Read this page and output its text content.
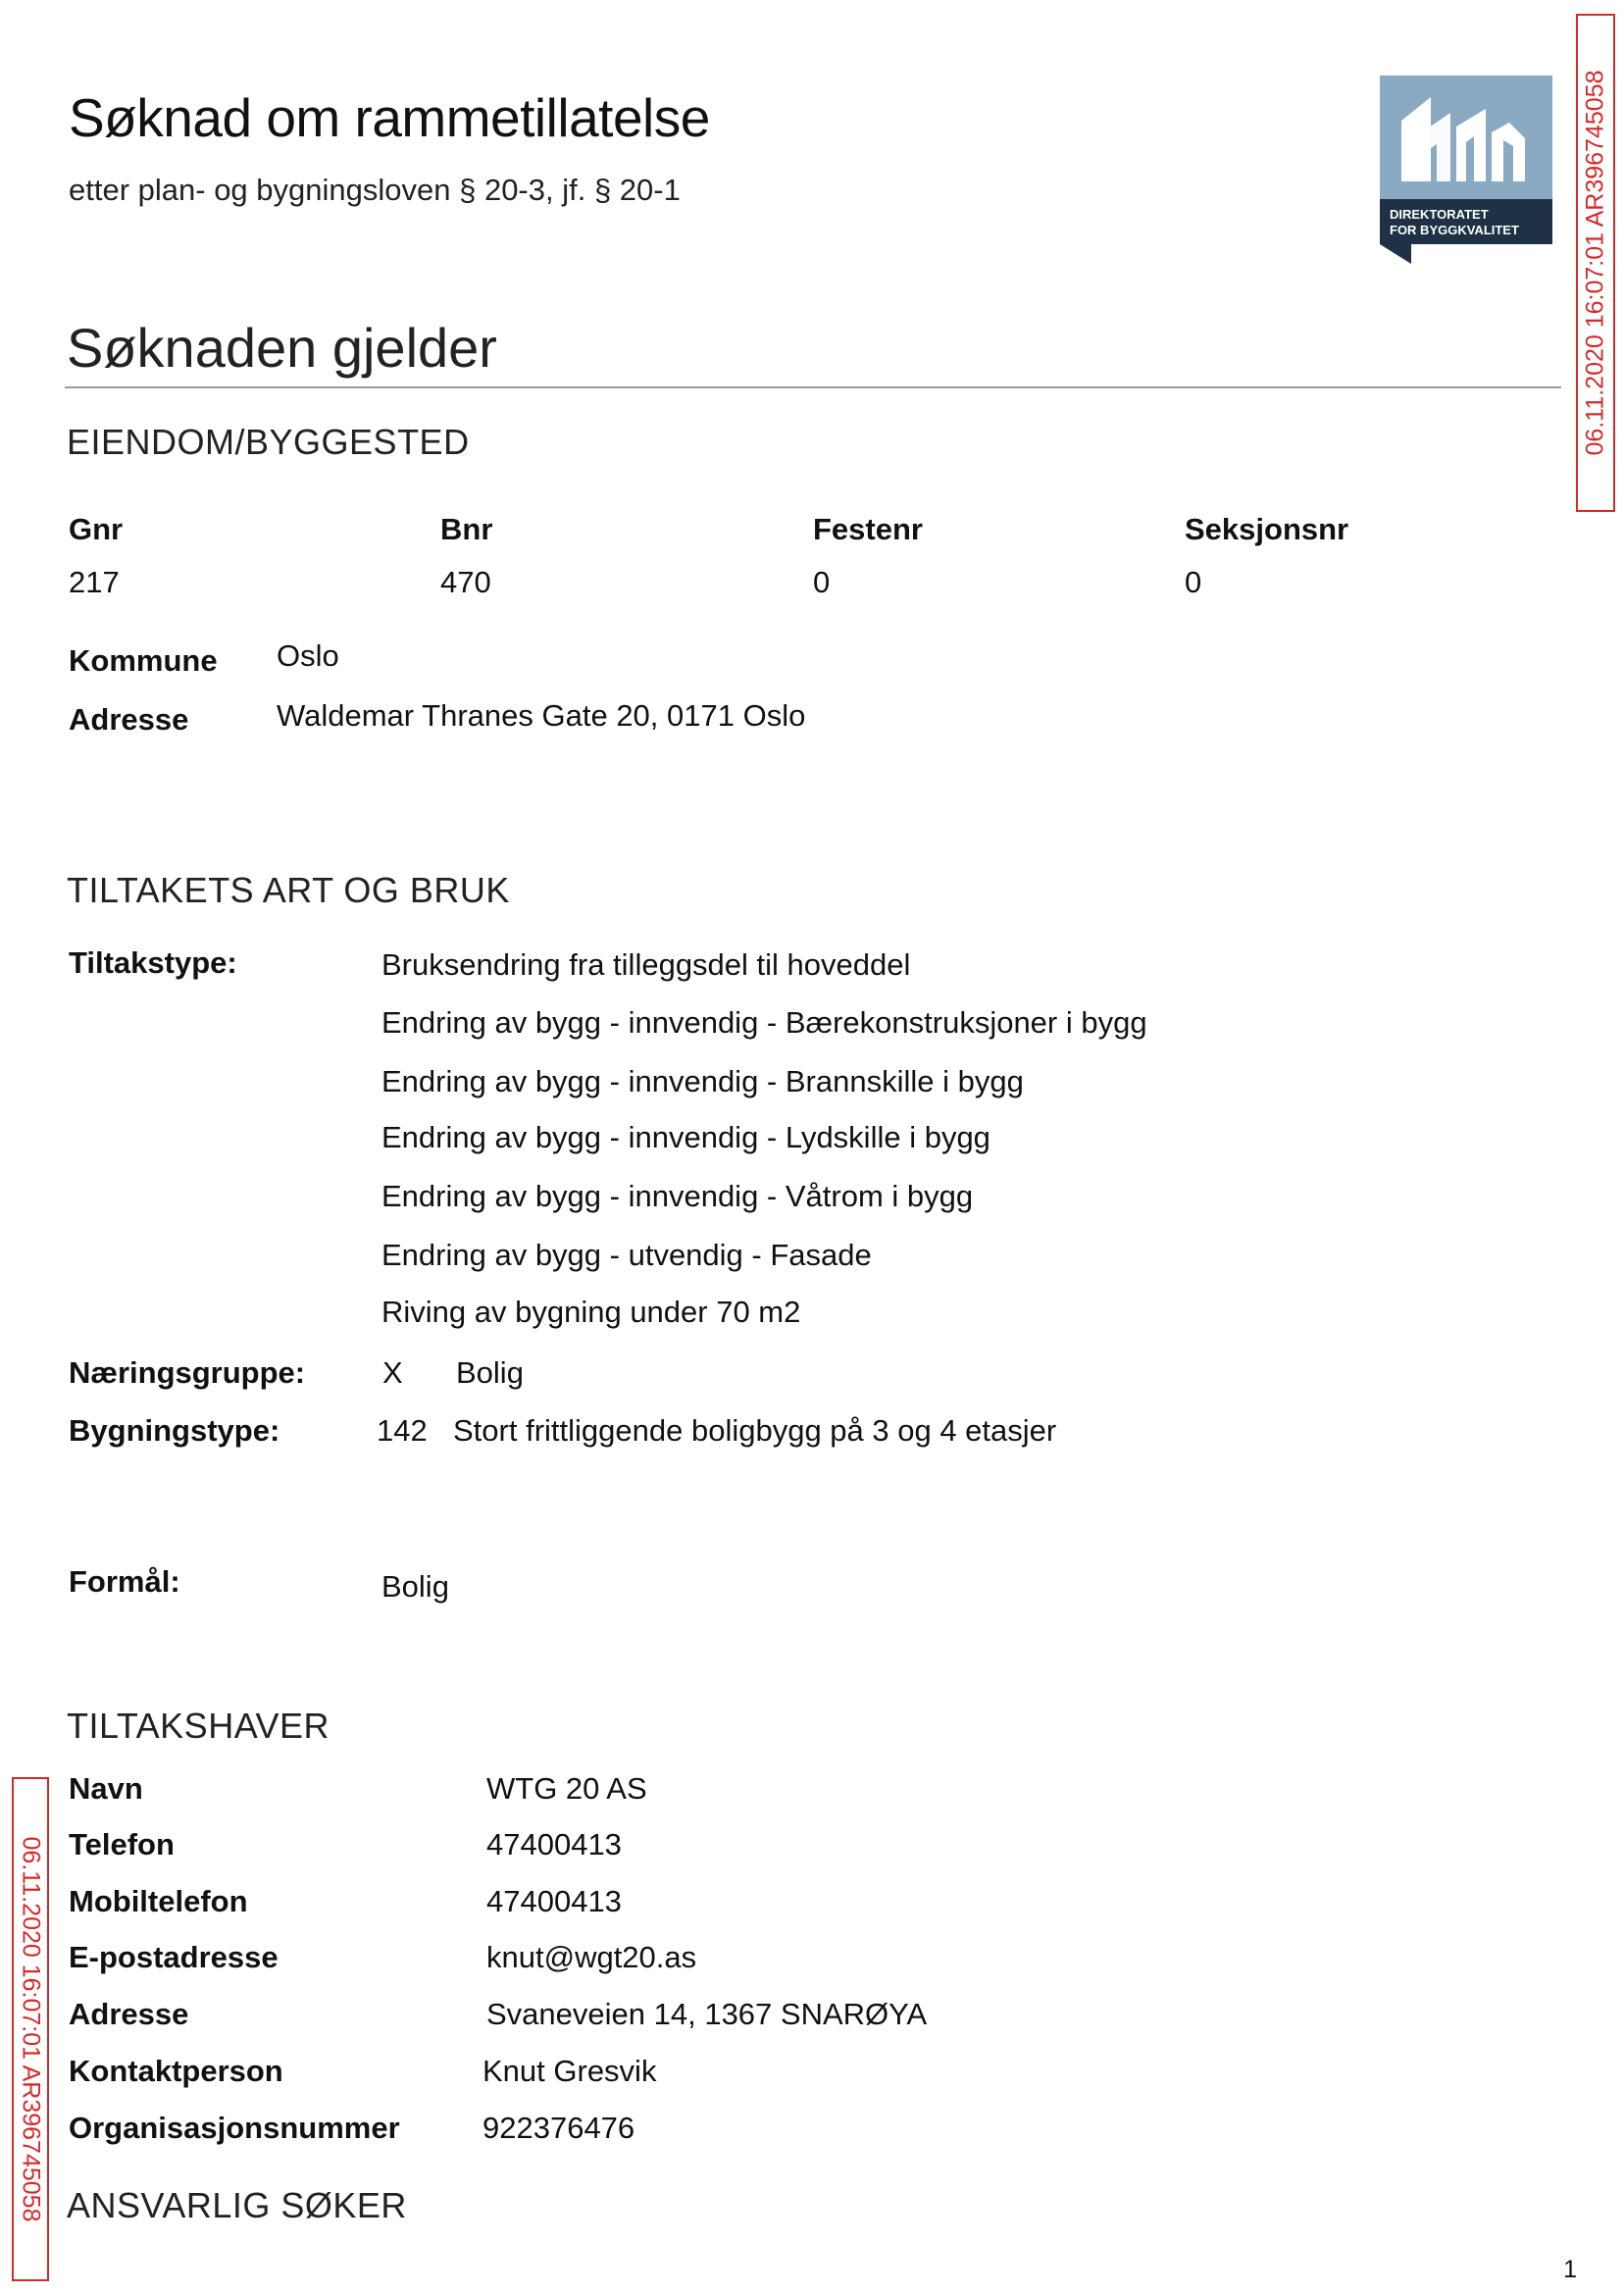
Søknad om rammetillatelse
etter plan- og bygningsloven § 20-3, jf. § 20-1
DIREKTORATET
FOR BYGGKVALITET	06.11.2020 16:07:01 AR396745058
06.11.2020 16:07:01 AR396745058
Søknaden gjelder
EIENDOM/BYGGESTED
Gnr	Bnr	Festenr	Seksjonsnr
217	470	0	0
Kommune Oslo
Adresse	Waldemar Thranes Gate 20, 0171 Oslo
TILTAKETS ART OG BRUK
Tiltakstype:	Bruksendring fra tilleggsdel til hoveddel
Endring av bygg - innvendig - Bærekonstruksjoner i bygg
Endring av bygg - innvendig - Brannskille i bygg
Endring av bygg - innvendig - Lydskille i bygg
Endring av bygg - innvendig - Våtrom i bygg
Endring av bygg - utvendig - Fasade
Riving av bygning under 70 m2
Næringsgruppe:	X Bolig
Bygningstype:	142 Stort frittliggende boligbygg på 3 og 4 etasjer
Formål:	Bolig
TILTAKSHAVER
Navn	WTG 20 AS
Telefon	47400413
Mobiltelefon	47400413
E-postadresse	knut@wgt20.as
Adresse	Svaneveien 14, 1367 SNARØYA
Kontaktperson	Knut Gresvik
Organisasjonsnummer	922376476
ANSVARLIG SØKER
1
